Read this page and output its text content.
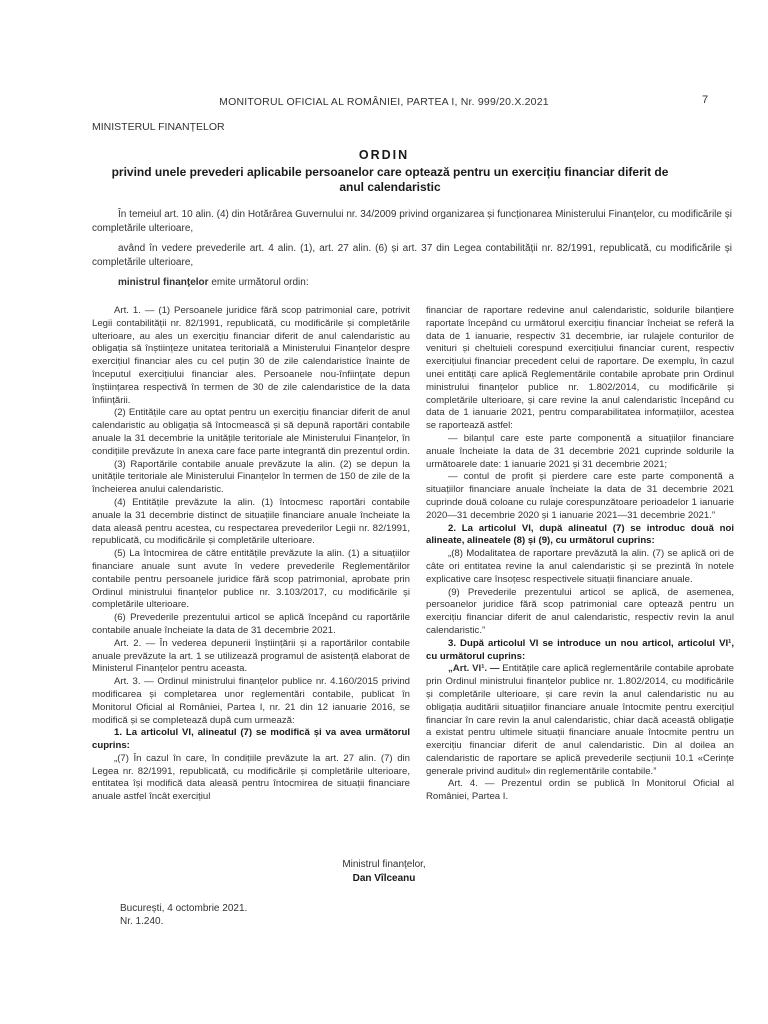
MONITORUL OFICIAL AL ROMÂNIEI, PARTEA I, Nr. 999/20.X.2021	7
MINISTERUL FINANȚELOR
ORDIN
privind unele prevederi aplicabile persoanelor care optează pentru un exercițiu financiar diferit de anul calendaristic

În temeiul art. 10 alin. (4) din Hotărârea Guvernului nr. 34/2009 privind organizarea și funcționarea Ministerului Finanțelor, cu modificările și completările ulterioare,

având în vedere prevederile art. 4 alin. (1), art. 27 alin. (6) și art. 37 din Legea contabilității nr. 82/1991, republicată, cu modificările și completările ulterioare,

ministrul finanțelor emite următorul ordin:

Art. 1. — (1) Persoanele juridice fără scop patrimonial care, potrivit Legii contabilității nr. 82/1991, republicată, cu modificările și completările ulterioare, au ales un exercițiu financiar diferit de anul calendaristic au obligația să înștiințeze unitatea teritorială a Ministerului Finanțelor despre exercițiul financiar ales cu cel puțin 30 de zile calendaristice înainte de începutul exercițiului financiar ales. Persoanele nou-înființate depun înștiințarea respectivă în termen de 30 de zile calendaristice de la data înființării.

(2) Entitățile care au optat pentru un exercițiu financiar diferit de anul calendaristic au obligația să întocmească și să depună raportări contabile anuale la 31 decembrie la unitățile teritoriale ale Ministerului Finanțelor, în condițiile prevăzute în anexa care face parte integrantă din prezentul ordin.

(3) Raportările contabile anuale prevăzute la alin. (2) se depun la unitățile teritoriale ale Ministerului Finanțelor în termen de 150 de zile de la încheierea anului calendaristic.

(4) Entitățile prevăzute la alin. (1) întocmesc raportări contabile anuale la 31 decembrie distinct de situațiile financiare anuale încheiate la data aleasă pentru acestea, cu respectarea prevederilor Legii nr. 82/1991, republicată, cu modificările și completările ulterioare.

(5) La întocmirea de către entitățile prevăzute la alin. (1) a situațiilor financiare anuale sunt avute în vedere prevederile Reglementărilor contabile pentru persoanele juridice fără scop patrimonial, aprobate prin Ordinul ministrului finanțelor publice nr. 3.103/2017, cu modificările și completările ulterioare.

(6) Prevederile prezentului articol se aplică începând cu raportările contabile anuale încheiate la data de 31 decembrie 2021.

Art. 2. — În vederea depunerii înștiințării și a raportărilor contabile anuale prevăzute la art. 1 se utilizează programul de asistență elaborat de Ministerul Finanțelor pentru aceasta.

Art. 3. — Ordinul ministrului finanțelor publice nr. 4.160/2015 privind modificarea și completarea unor reglementări contabile, publicat în Monitorul Oficial al României, Partea I, nr. 21 din 12 ianuarie 2016, se modifică și se completează după cum urmează:

1. La articolul VI, alineatul (7) se modifică și va avea următorul cuprins:

„(7) În cazul în care, în condițiile prevăzute la art. 27 alin. (7) din Legea nr. 82/1991, republicată, cu modificările și completările ulterioare, entitatea își modifică data aleasă pentru întocmirea de situații financiare anuale astfel încât exercițiul

financiar de raportare redevine anul calendaristic, soldurile bilanțiere raportate începând cu următorul exercițiu financiar încheiat se referă la data de 1 ianuarie, respectiv 31 decembrie, iar rulajele conturilor de venituri și cheltuieli corespund exercițiului financiar curent, respectiv exercițiului financiar precedent celui de raportare. De exemplu, în cazul unei entități care aplică Reglementările contabile aprobate prin Ordinul ministrului finanțelor publice nr. 1.802/2014, cu modificările și completările ulterioare, și care revine la anul calendaristic începând cu data de 1 ianuarie 2021, pentru comparabilitatea informațiilor, acestea se raportează astfel:

— bilanțul care este parte componentă a situațiilor financiare anuale încheiate la data de 31 decembrie 2021 cuprinde soldurile la următoarele date: 1 ianuarie 2021 și 31 decembrie 2021;

— contul de profit și pierdere care este parte componentă a situațiilor financiare anuale încheiate la data de 31 decembrie 2021 cuprinde două coloane cu rulaje corespunzătoare perioadelor 1 ianuarie 2020—31 decembrie 2020 și 1 ianuarie 2021—31 decembrie 2021.”

2. La articolul VI, după alineatul (7) se introduc două noi alineate, alineatele (8) și (9), cu următorul cuprins:

„(8) Modalitatea de raportare prevăzută la alin. (7) se aplică ori de câte ori entitatea revine la anul calendaristic și se prezintă în notele explicative care însoțesc respectivele situații financiare anuale.

(9) Prevederile prezentului articol se aplică, de asemenea, persoanelor juridice fără scop patrimonial care optează pentru un exercițiu financiar diferit de anul calendaristic, respectiv revin la anul calendaristic.”

3. După articolul VI se introduce un nou articol, articolul VI¹, cu următorul cuprins:

„Art. VI¹. — Entitățile care aplică reglementările contabile aprobate prin Ordinul ministrului finanțelor publice nr. 1.802/2014, cu modificările și completările ulterioare, și care revin la anul calendaristic nu au obligația auditării situațiilor financiare anuale întocmite pentru exercițiul financiar în care revin la anul calendaristic, chiar dacă această obligație a existat pentru ultimele situații financiare anuale întocmite pentru un exercițiu financiar diferit de anul calendaristic. Din al doilea an calendaristic de raportare se aplică prevederile secțiunii 10.1 «Cerințe generale privind auditul» din reglementările contabile.”

Art. 4. — Prezentul ordin se publică în Monitorul Oficial al României, Partea I.

Ministrul finanțelor,
Dan Vîlceanu
București, 4 octombrie 2021.
Nr. 1.240.
